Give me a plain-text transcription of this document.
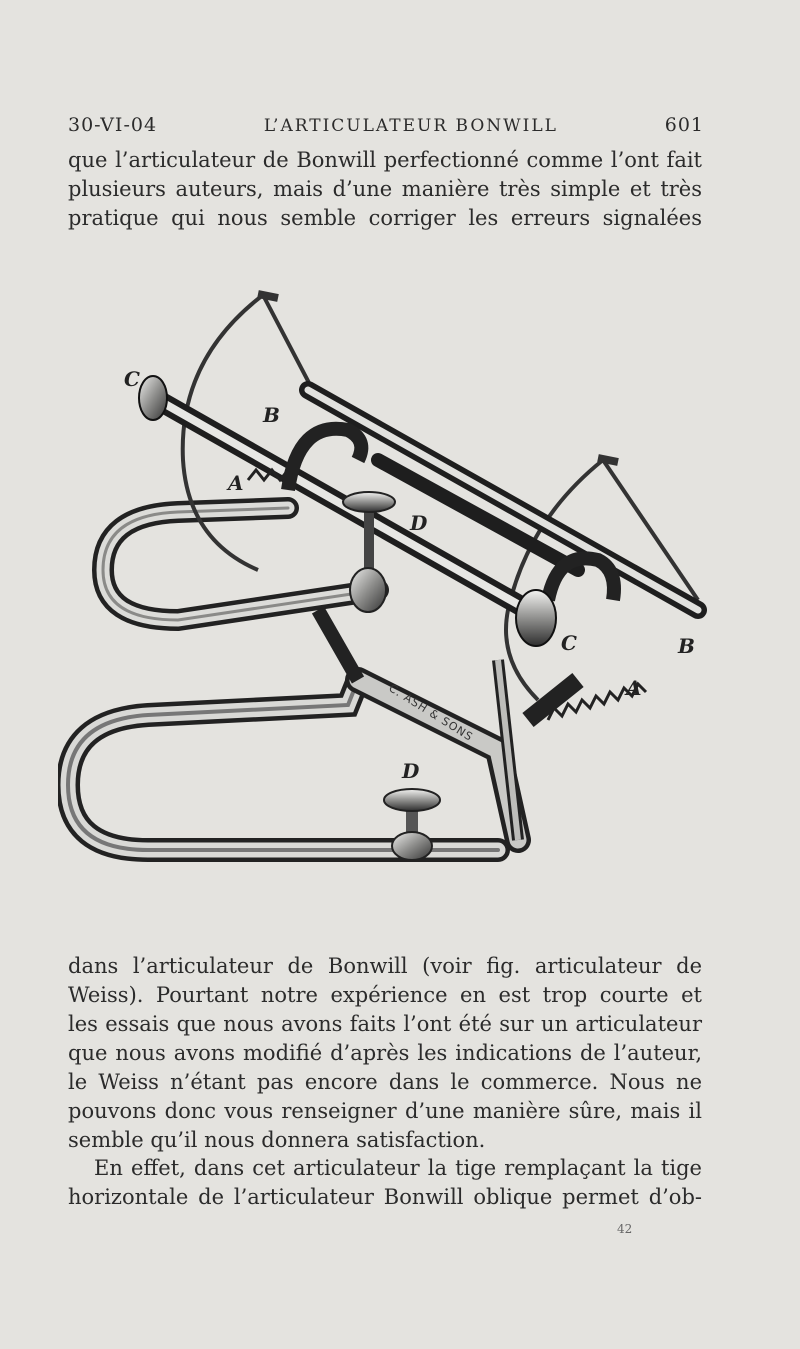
30-VI-04	L’ARTICULATEUR BONWILL	601
que l’articulateur de Bonwill perfectionné comme l’ont fait
plusieurs auteurs, mais d’une manière très simple et très
pratique qui nous semble corriger les erreurs signalées
C. ASH & SONS
C
B
A
D
C	B
A
D
dans l’articulateur de Bonwill (voir fig. articulateur de
Weiss). Pourtant notre expérience en est trop courte et
les essais que nous avons faits l’ont été sur un articulateur
que nous avons modifié d’après les indications de l’auteur,
le Weiss n’étant pas encore dans le commerce. Nous ne
pouvons donc vous renseigner d’une manière sûre, mais il
semble qu’il nous donnera satisfaction.
En effet, dans cet articulateur la tige remplaçant la tige
horizontale de l’articulateur Bonwill oblique permet d’ob-
42
